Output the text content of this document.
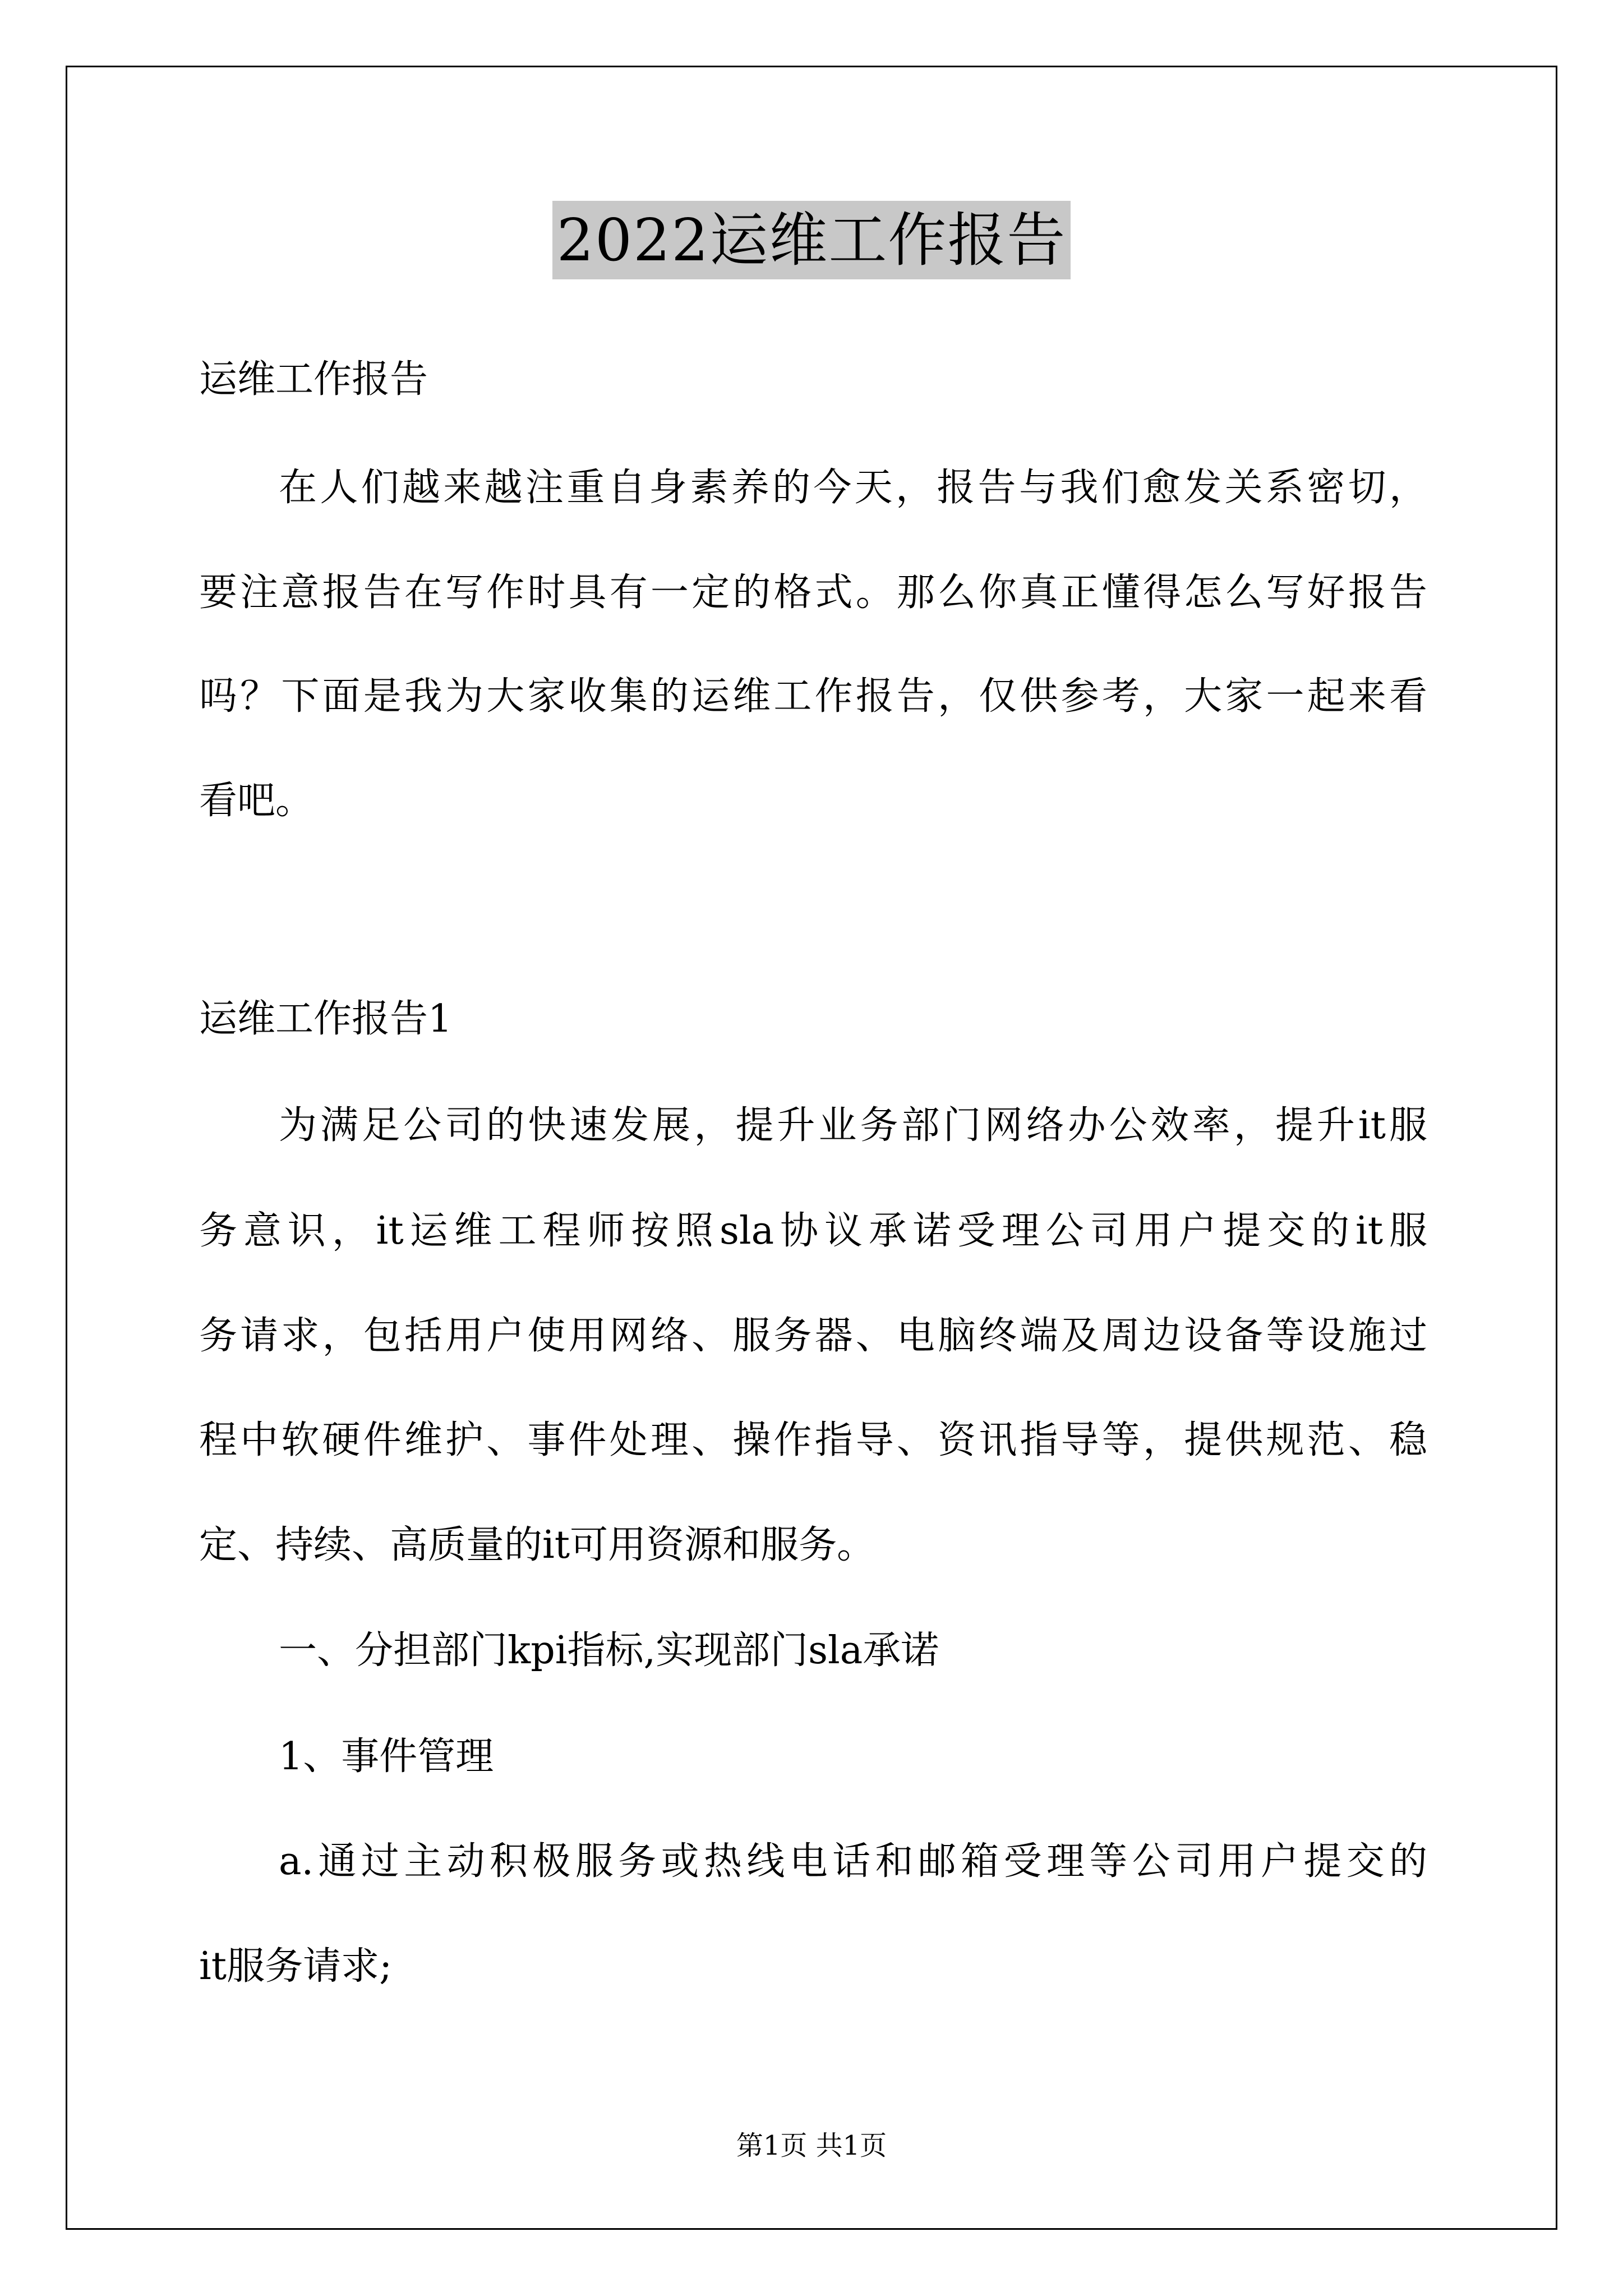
2022运维工作报告
运维工作报告
在人们越来越注重自身素养的今天，报告与我们愈发关系密切，
要注意报告在写作时具有一定的格式。那么你真正懂得怎么写好报告
吗？下面是我为大家收集的运维工作报告，仅供参考，大家一起来看
看吧。
运维工作报告1
为满足公司的快速发展，提升业务部门网络办公效率，提升it服
务意识，it运维工程师按照sla协议承诺受理公司用户提交的it服
务请求，包括用户使用网络、服务器、电脑终端及周边设备等设施过
程中软硬件维护、事件处理、操作指导、资讯指导等，提供规范、稳
定、持续、高质量的it可用资源和服务。
一、分担部门kpi指标,实现部门sla承诺
1、事件管理
a.通过主动积极服务或热线电话和邮箱受理等公司用户提交的
it服务请求;
第1页 共1页
